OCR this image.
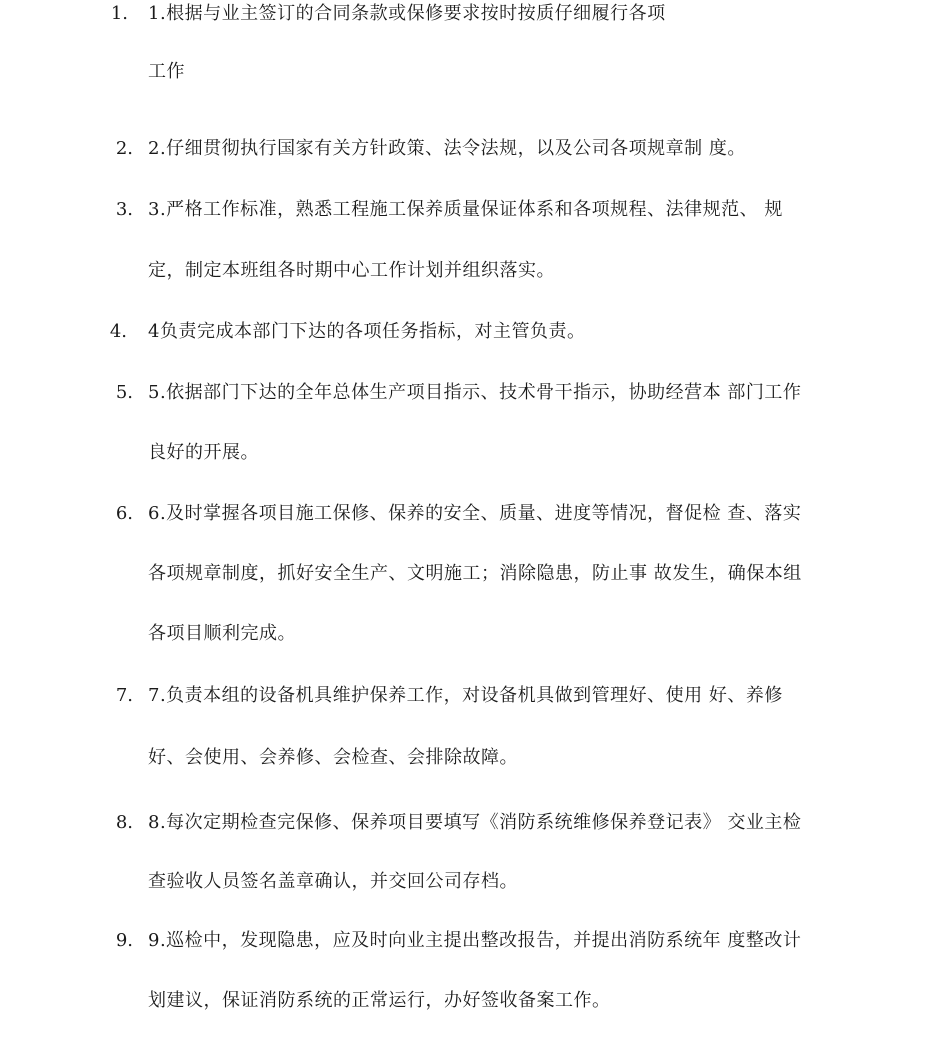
1. 1.根据与业主签订的合同条款或保修要求按时按质仔细履行各项
工作
2. 2.仔细贯彻执行国家有关方针政策、法令法规，以及公司各项规章制 度。
3. 3.严格工作标准，熟悉工程施工保养质量保证体系和各项规程、法律规范、 规
定，制定本班组各时期中心工作计划并组织落实。
4. 4负责完成本部门下达的各项任务指标，对主管负责。
5. 5.依据部门下达的全年总体生产项目指示、技术骨干指示，协助经营本 部门工作
良好的开展。
6. 6.及时掌握各项目施工保修、保养的安全、质量、进度等情况，督促检 查、落实
各项规章制度，抓好安全生产、文明施工；消除隐患，防止事 故发生，确保本组
各项目顺利完成。
7. 7.负责本组的设备机具维护保养工作，对设备机具做到管理好、使用 好、养修
好、会使用、会养修、会检查、会排除故障。
8. 8.每次定期检查完保修、保养项目要填写《消防系统维修保养登记表》 交业主检
查验收人员签名盖章确认，并交回公司存档。
9. 9.巡检中，发现隐患，应及时向业主提出整改报告，并提出消防系统年 度整改计
划建议，保证消防系统的正常运行，办好签收备案工作。
